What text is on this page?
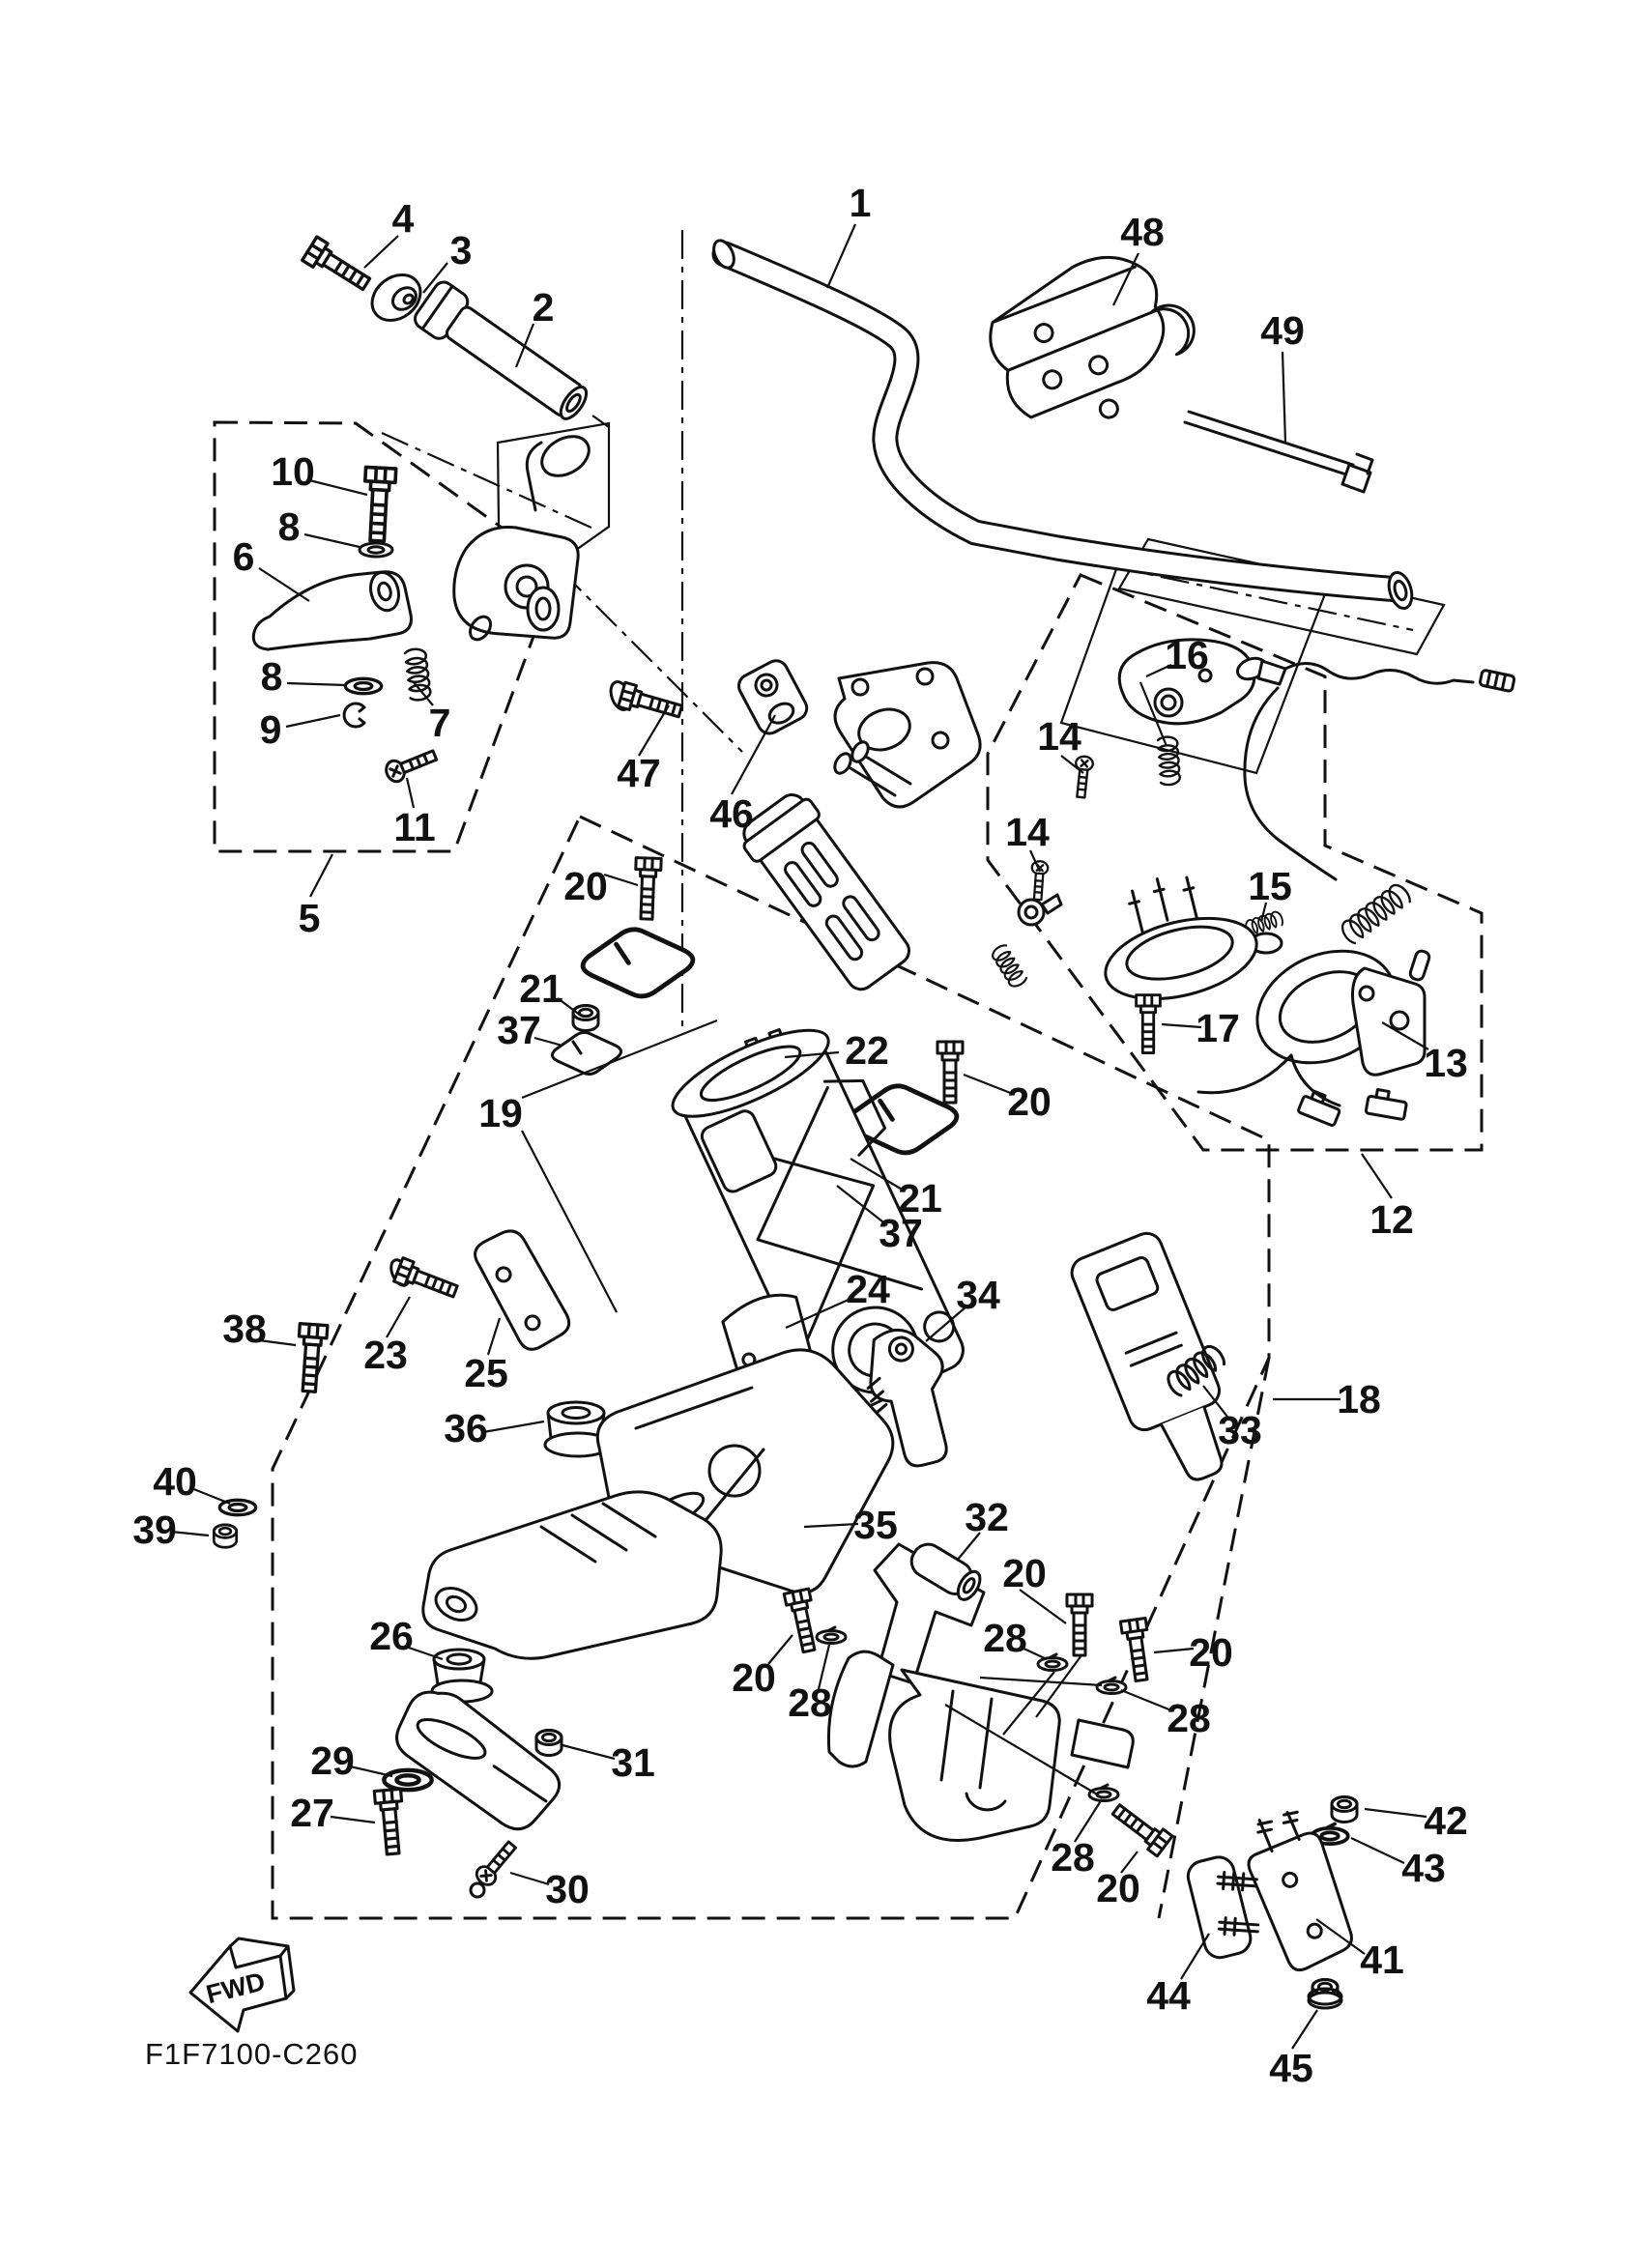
1
2
3
4
5
6
7
8
8
9
10
11
12
13
14
14
15
16
17
18
19
20
20
20
20
20
20
21
21
22
23
24
25
26
27
28
28	28
28
29
30
31
32
33
34
35
36
37
37
38
39
40
41
42
43
44
45
46
47
48
49
FWD
F1F7100-C260
